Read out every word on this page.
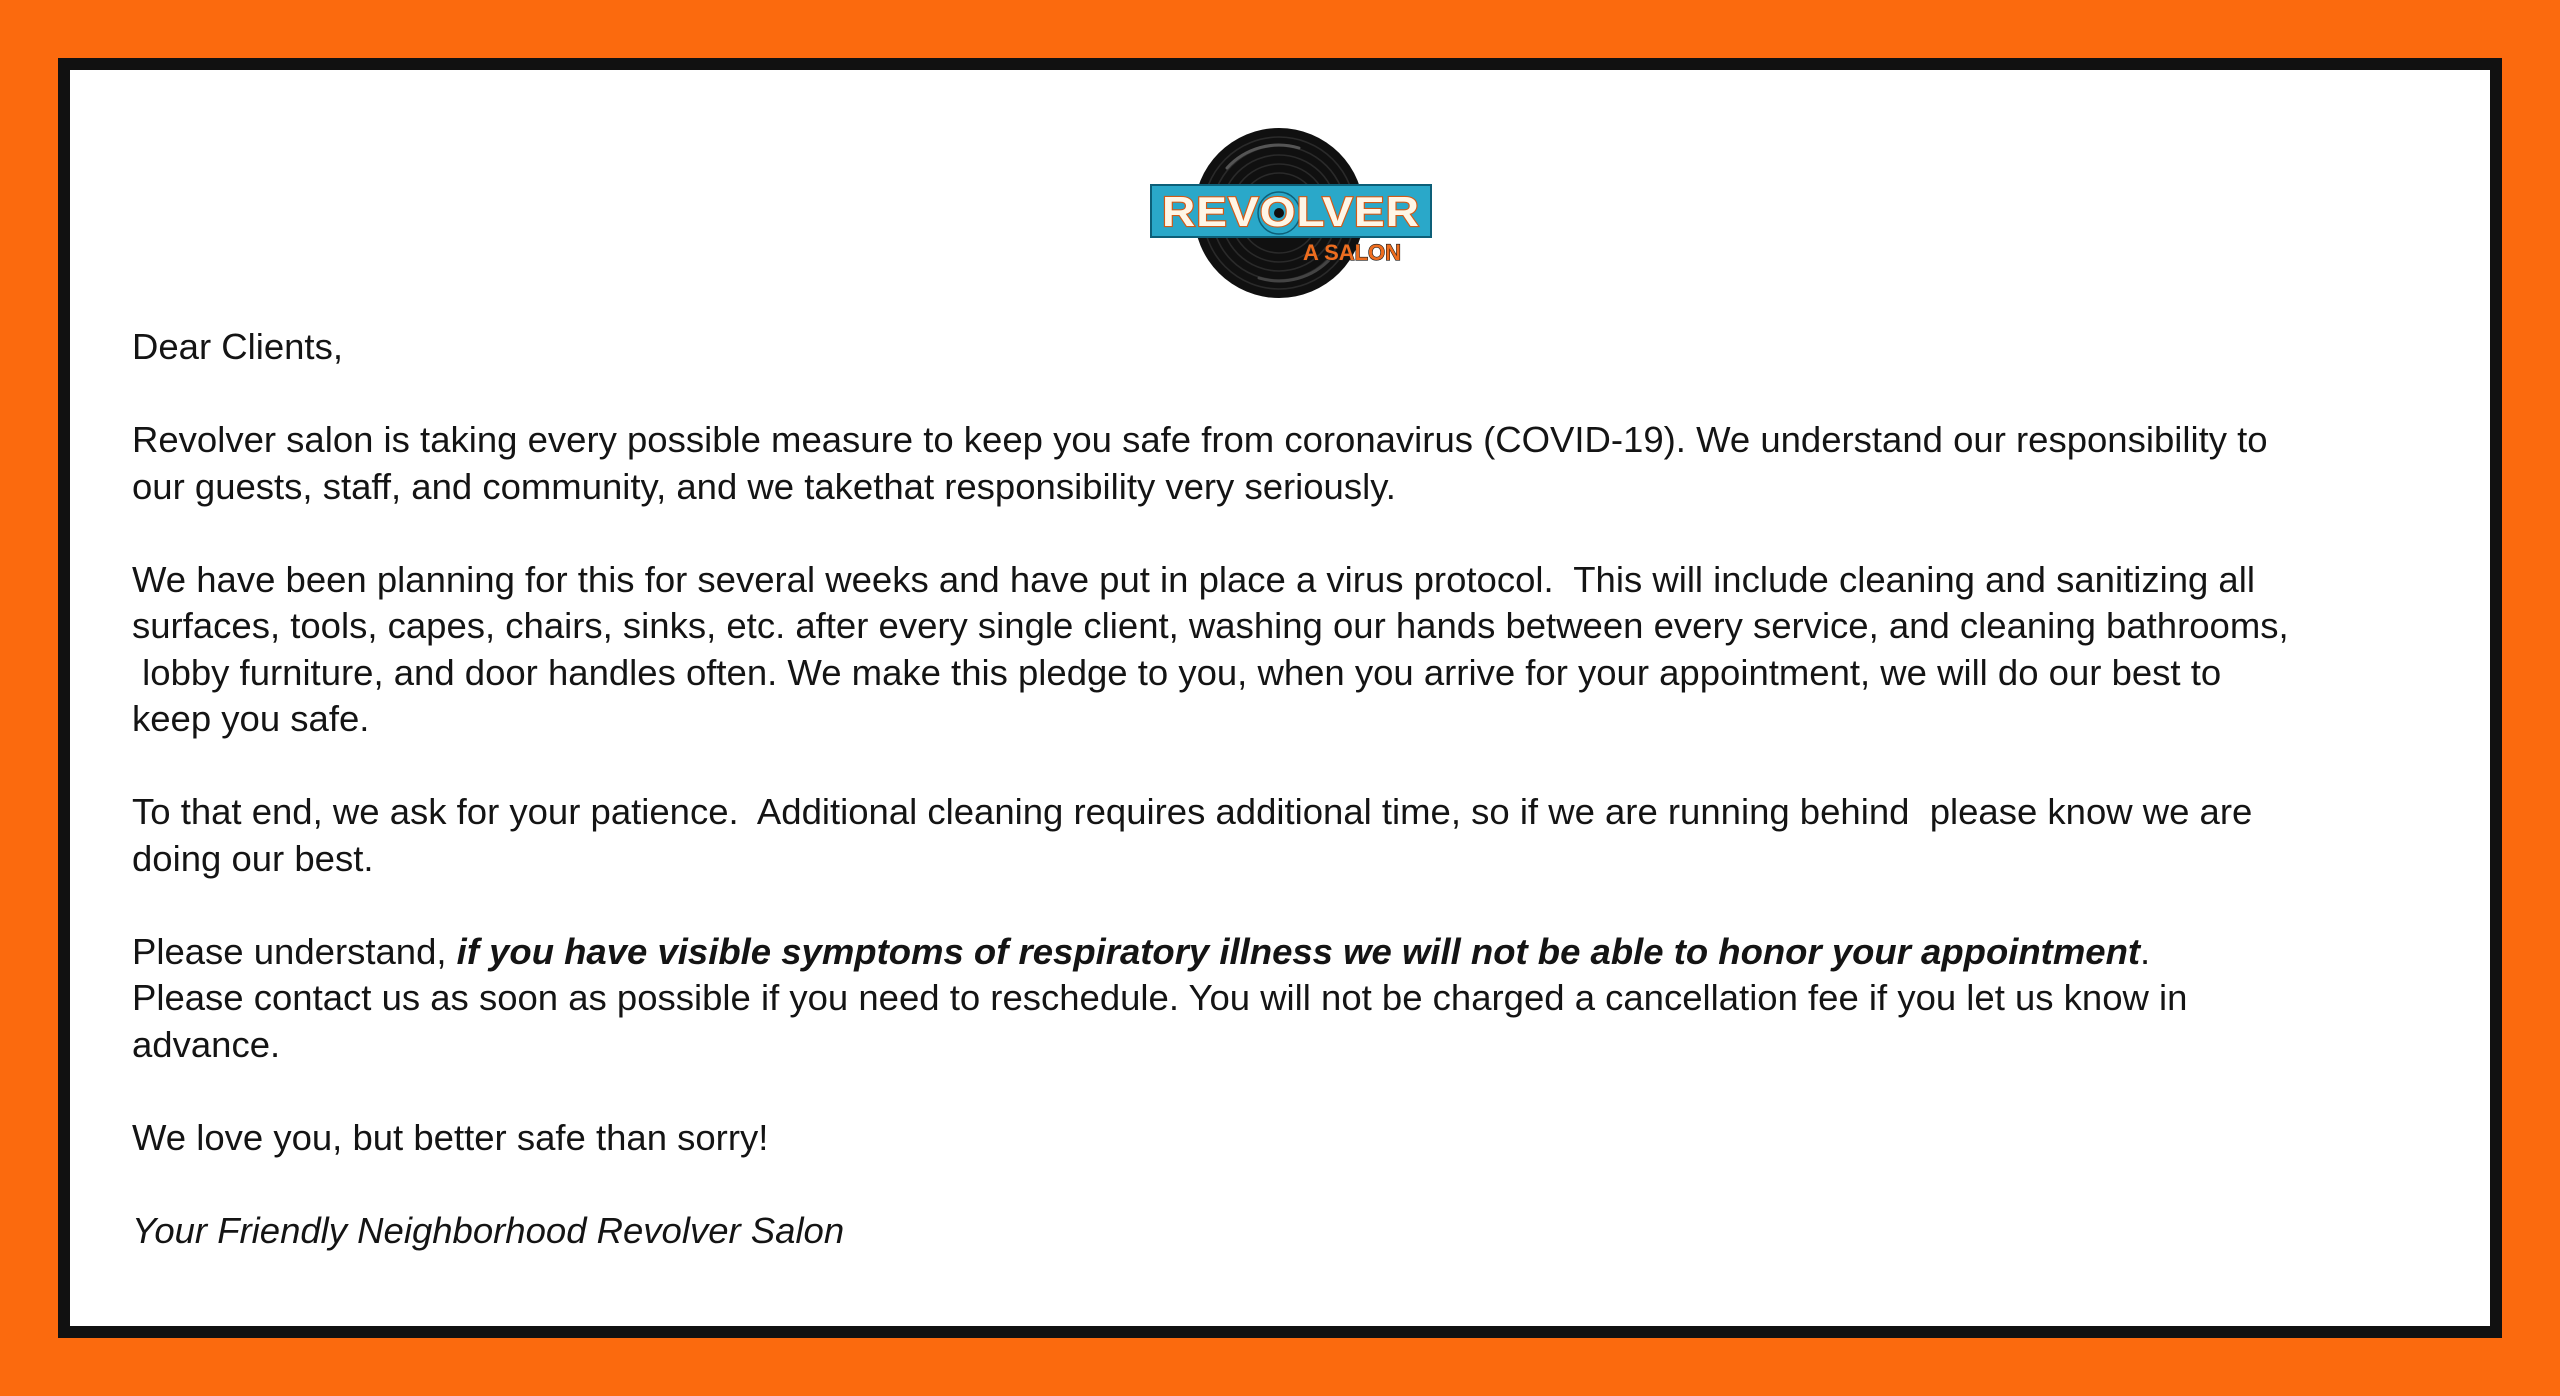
REVOLVER
A SALON

Dear Clients,

Revolver salon is taking every possible measure to keep you safe from coronavirus (COVID-19). We understand our responsibility to
our guests, staff, and community, and we takethat responsibility very seriously.

We have been planning for this for several weeks and have put in place a virus protocol.  This will include cleaning and sanitizing all
surfaces, tools, capes, chairs, sinks, etc. after every single client, washing our hands between every service, and cleaning bathrooms,
lobby furniture, and door handles often. We make this pledge to you, when you arrive for your appointment, we will do our best to
keep you safe.

To that end, we ask for your patience.  Additional cleaning requires additional time, so if we are running behind  please know we are
doing our best.

Please understand, if you have visible symptoms of respiratory illness we will not be able to honor your appointment.
Please contact us as soon as possible if you need to reschedule. You will not be charged a cancellation fee if you let us know in
advance.

We love you, but better safe than sorry!

Your Friendly Neighborhood Revolver Salon
